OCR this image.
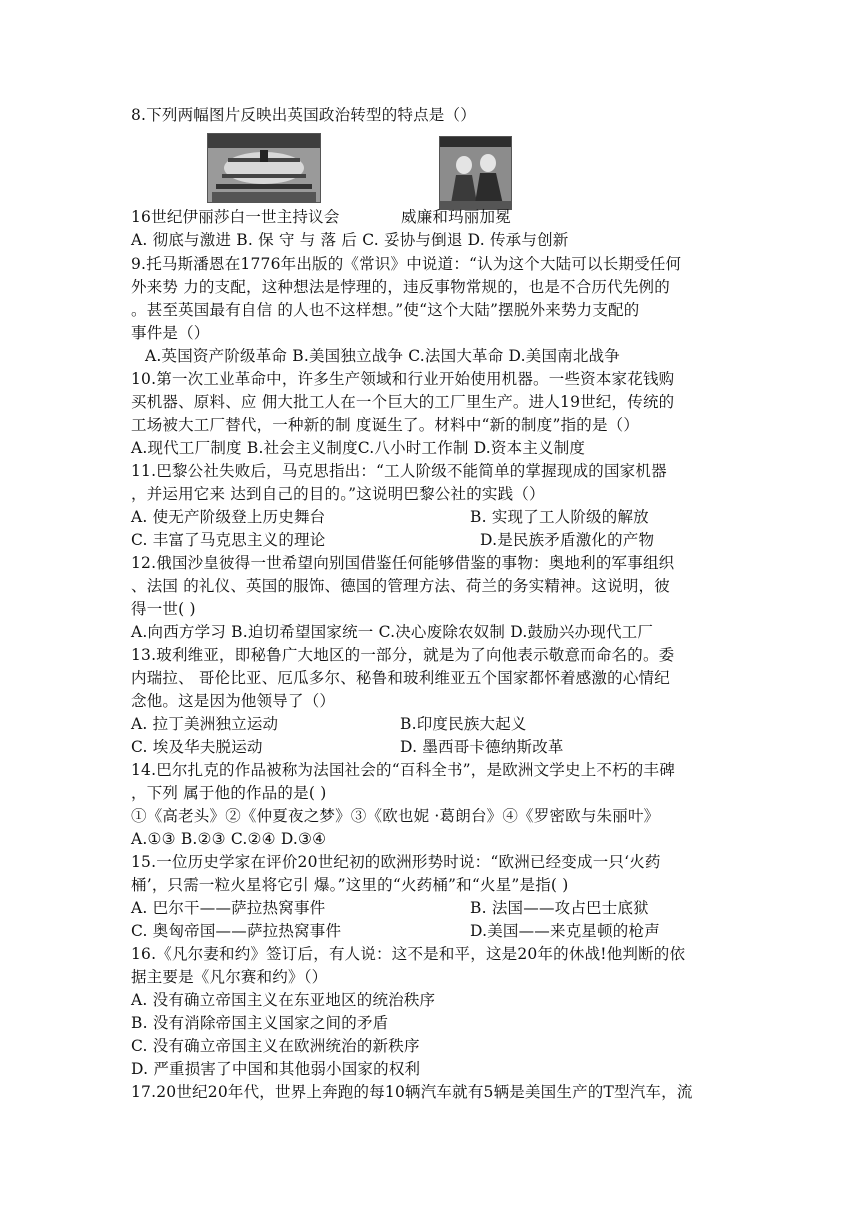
8.下列两幅图片反映出英国政治转型的特点是（）
16世纪伊丽莎白一世主持议会	威廉和玛丽加冕
A. 彻底与激进 B. 保 守 与 落 后 C. 妥协与倒退 D. 传承与创新
9.托马斯潘恩在1776年出版的《常识》中说道：“认为这个大陆可以长期受任何
外来势 力的支配，这种想法是悖理的，违反事物常规的，也是不合历代先例的
。甚至英国最有自信 的人也不这样想。”使“这个大陆”摆脱外来势力支配的
事件是（）
A.英国资产阶级革命 B.美国独立战争 C.法国大革命 D.美国南北战争
10.第一次工业革命中，许多生产领域和行业开始使用机器。一些资本家花钱购
买机器、原料、应 佣大批工人在一个巨大的工厂里生产。进人19世纪，传统的
工场被大工厂替代，一种新的制 度诞生了。材料中“新的制度”指的是（）
A.现代工厂制度 B.社会主义制度C.八小时工作制 D.资本主义制度
11.巴黎公社失败后，马克思指出：“工人阶级不能简单的掌握现成的国家机器
，并运用它来 达到自己的目的。”这说明巴黎公社的实践（）
A. 使无产阶级登上历史舞台	B. 实现了工人阶级的解放
C. 丰富了马克思主义的理论	D.是民族矛盾激化的产物
12.俄国沙皇彼得一世希望向别国借鉴任何能够借鉴的事物：奥地利的军事组织
、法国 的礼仪、英国的服饰、德国的管理方法、荷兰的务实精神。这说明，彼
得一世( )
A.向西方学习 B.迫切希望国家统一 C.决心废除农奴制 D.鼓励兴办现代工厂
13.玻利维亚，即秘鲁广大地区的一部分，就是为了向他表示敬意而命名的。委
内瑞拉、 哥伦比亚、厄瓜多尔、秘鲁和玻利维亚五个国家都怀着感激的心情纪
念他。这是因为他领导了（）
A. 拉丁美洲独立运动	B.印度民族大起义
C. 埃及华夫脱运动	D. 墨西哥卡德纳斯改革
14.巴尔扎克的作品被称为法国社会的“百科全书”，是欧洲文学史上不朽的丰碑
，下列 属于他的作品的是( )
①《高老头》②《仲夏夜之梦》③《欧也妮 ·葛朗台》④《罗密欧与朱丽叶》
A.①③ B.②③ C.②④ D.③④
15.一位历史学家在评价20世纪初的欧洲形势时说：“欧洲已经变成一只‘火药
桶’，只需一粒火星将它引 爆。”这里的“火药桶”和“火星”是指( )
A. 巴尔干——萨拉热窝事件	B. 法国——攻占巴士底狱
C. 奥匈帝国——萨拉热窝事件	D.美国——来克星顿的枪声
16.《凡尔妻和约》签订后，有人说：这不是和平，这是20年的休战!他判断的依
据主要是《凡尔赛和约》（）
A. 没有确立帝国主义在东亚地区的统治秩序
B. 没有消除帝国主义国家之间的矛盾
C. 没有确立帝国主义在欧洲统治的新秩序
D. 严重损害了中国和其他弱小国家的权利
17.20世纪20年代，世界上奔跑的每10辆汽车就有5辆是美国生产的T型汽车，流
